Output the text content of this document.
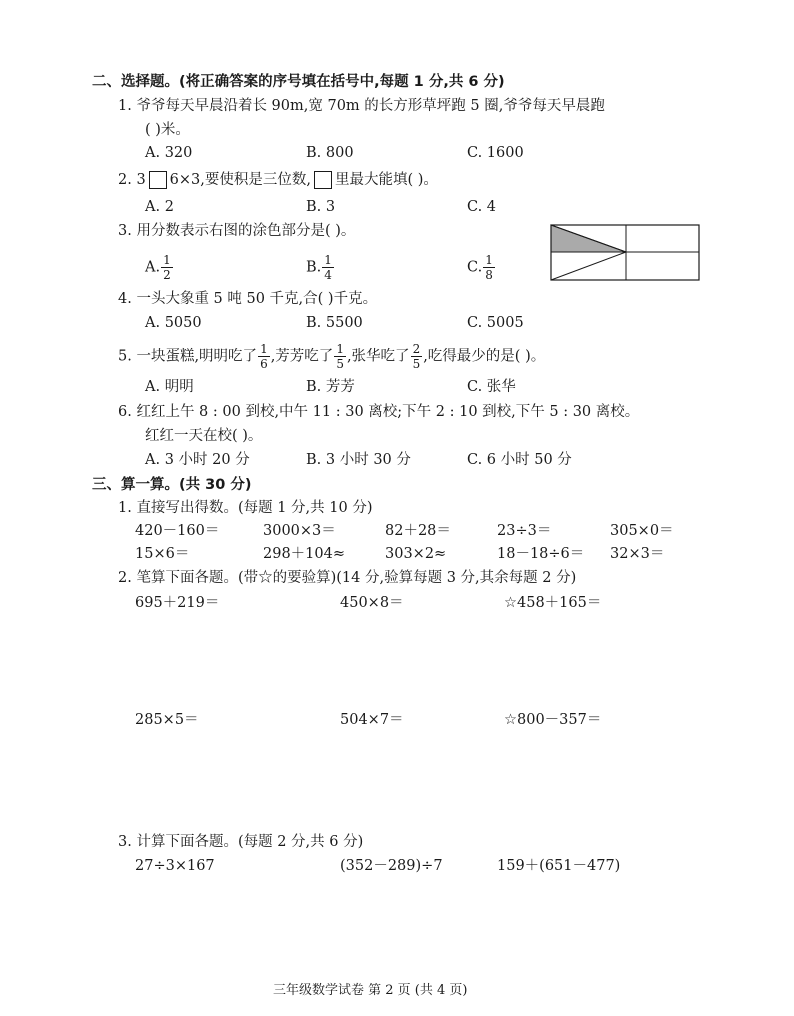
二、选择题。(将正确答案的序号填在括号中,每题 1 分,共 6 分)
1. 爷爷每天早晨沿着长 90m,宽 70m 的长方形草坪跑 5 圈,爷爷每天早晨跑
( )米。
A. 320	B. 800	C. 1600
2. 3 6×3,要使积是三位数, 里最大能填( )。
A. 2	B. 3	C. 4
3. 用分数表示右图的涂色部分是( )。
A. $\frac{1}{2}$	B. $\frac{1}{4}$	C. $\frac{1}{8}$
4. 一头大象重 5 吨 50 千克,合( )千克。
A. 5050	B. 5500	C. 5005
5. 一块蛋糕,明明吃了 $\frac{1}{6}$ ,芳芳吃了 $\frac{1}{5}$ ,张华吃了 $\frac{2}{5}$ ,吃得最少的是( )。
A. 明明	B. 芳芳	C. 张华
6. 红红上午 8 : 00 到校,中午 11 : 30 离校;下午 2 : 10 到校,下午 5 : 30 离校。
红红一天在校( )。
A. 3 小时 20 分	B. 3 小时 30 分	C. 6 小时 50 分
三、算一算。(共 30 分)
1. 直接写出得数。(每题 1 分,共 10 分)
420－160＝	3000×3＝	82＋28＝	23÷3＝	305×0＝
15×6＝	298＋104≈	303×2≈	18－18÷6＝ 32×3＝
2. 笔算下面各题。(带☆的要验算)(14 分,验算每题 3 分,其余每题 2 分)
695＋219＝	450×8＝	☆458＋165＝
285×5＝	504×7＝	☆800－357＝
3. 计算下面各题。(每题 2 分,共 6 分)
27÷3×167	(352－289)÷7	159＋(651－477)
三年级数学试卷 第 2 页 (共 4 页)
